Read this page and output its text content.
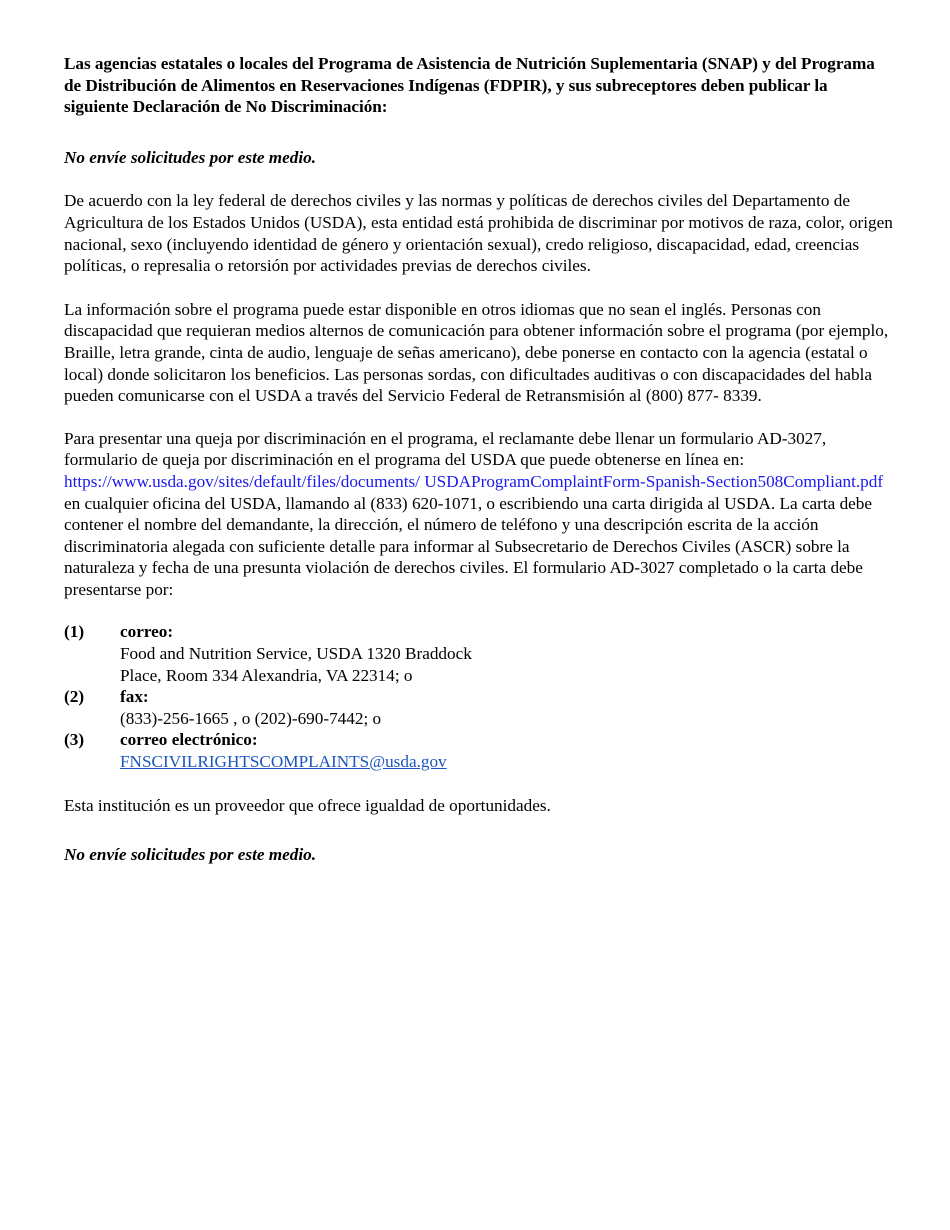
Las agencias estatales o locales del Programa de Asistencia de Nutrición Suplementaria (SNAP) y del Programa de Distribución de Alimentos en Reservaciones Indígenas (FDPIR), y sus subreceptores deben publicar la siguiente Declaración de No Discriminación:

No envíe solicitudes por este medio.

De acuerdo con la ley federal de derechos civiles y las normas y políticas de derechos civiles del Departamento de Agricultura de los Estados Unidos (USDA), esta entidad está prohibida de discriminar por motivos de raza, color, origen nacional, sexo (incluyendo identidad de género y orientación sexual), credo religioso, discapacidad, edad, creencias políticas, o represalia o retorsión por actividades previas de derechos civiles.

La información sobre el programa puede estar disponible en otros idiomas que no sean el inglés. Personas con discapacidad que requieran medios alternos de comunicación para obtener información sobre el programa (por ejemplo, Braille, letra grande, cinta de audio, lenguaje de señas americano), debe ponerse en contacto con la agencia (estatal o local) donde solicitaron los beneficios. Las personas sordas, con dificultades auditivas o con discapacidades del habla pueden comunicarse con el USDA a través del Servicio Federal de Retransmisión al (800) 877- 8339.

Para presentar una queja por discriminación en el programa, el reclamante debe llenar un formulario AD-3027, formulario de queja por discriminación en el programa del USDA que puede obtenerse en línea en: https://www.usda.gov/sites/default/files/documents/ USDAProgramComplaintForm-Spanish-Section508Compliant.pdf en cualquier oficina del USDA, llamando al (833) 620-1071, o escribiendo una carta dirigida al USDA. La carta debe contener el nombre del demandante, la dirección, el número de teléfono y una descripción escrita de la acción discriminatoria alegada con suficiente detalle para informar al Subsecretario de Derechos Civiles (ASCR) sobre la naturaleza y fecha de una presunta violación de derechos civiles. El formulario AD-3027 completado o la carta debe presentarse por:

(1)	correo:
Food and Nutrition Service, USDA 1320 Braddock
Place, Room 334 Alexandria, VA 22314; o
(2)	fax:
(833)-256-1665 , o (202)-690-7442; o
(3)	correo electrónico:
FNSCIVILRIGHTSCOMPLAINTS@usda.gov

Esta institución es un proveedor que ofrece igualdad de oportunidades.

No envíe solicitudes por este medio.
